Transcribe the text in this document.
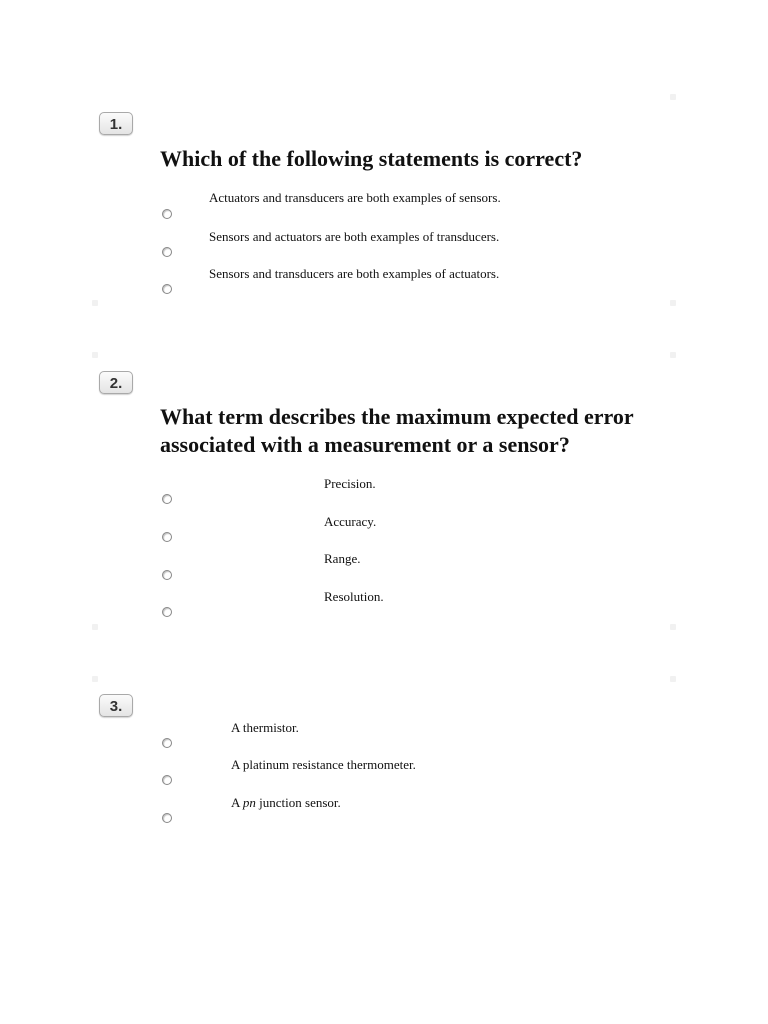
1.
Which of the following statements is correct?
Actuators and transducers are both examples of sensors.
Sensors and actuators are both examples of transducers.
Sensors and transducers are both examples of actuators.
2.
What term describes the maximum expected error
associated with a measurement or a sensor?
Precision.
Accuracy.
Range.
Resolution.
3.
A thermistor.
A platinum resistance thermometer.
A pn junction sensor.
